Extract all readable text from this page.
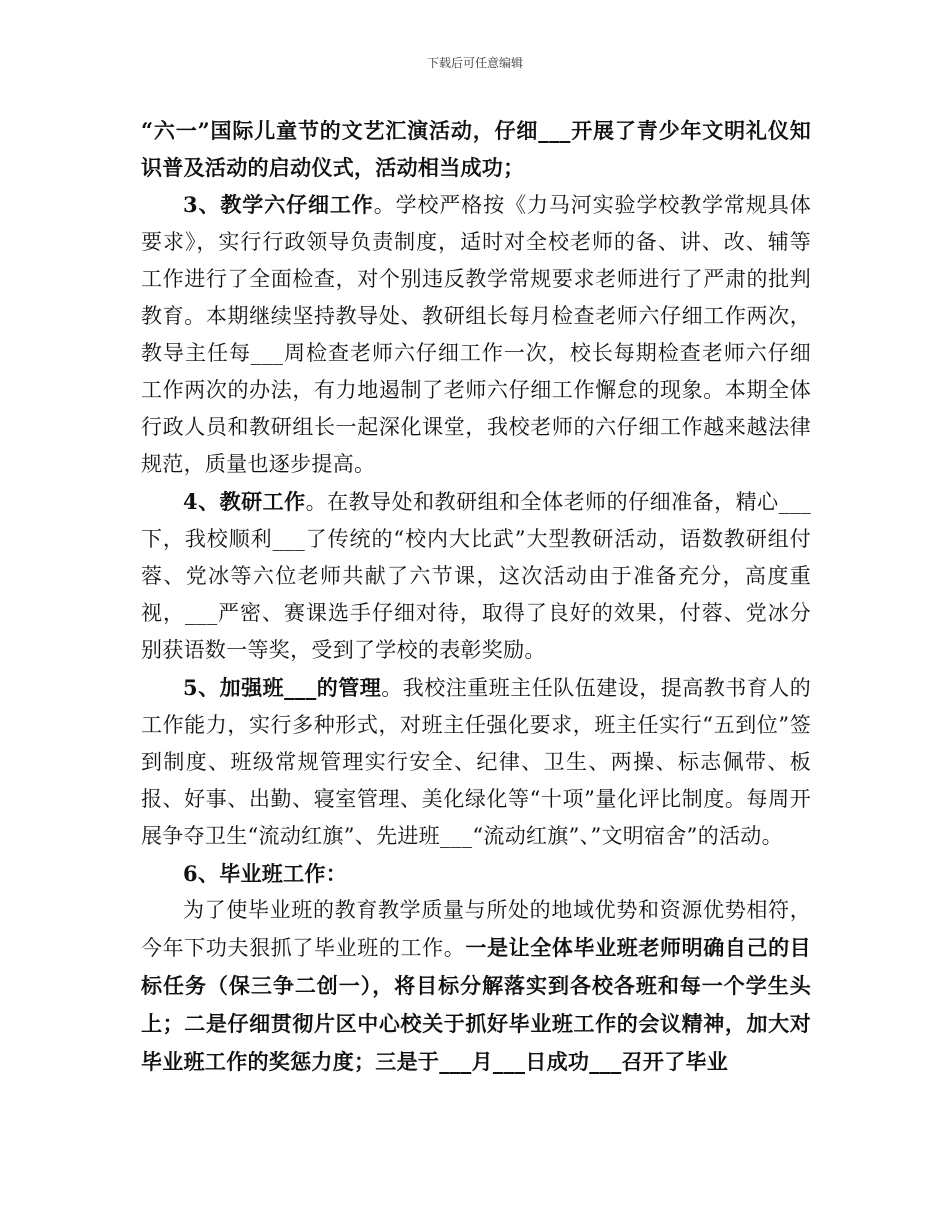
下载后可任意编辑

“六一”国际儿童节的文艺汇演活动，仔细___开展了青少年文明礼仪知识普及活动的启动仪式，活动相当成功；

3、教学六仔细工作。学校严格按《力马河实验学校教学常规具体要求》，实行行政领导负责制度，适时对全校老师的备、讲、改、辅等工作进行了全面检查，对个别违反教学常规要求老师进行了严肃的批判教育。本期继续坚持教导处、教研组长每月检查老师六仔细工作两次，教导主任每___周检查老师六仔细工作一次，校长每期检查老师六仔细工作两次的办法，有力地遏制了老师六仔细工作懈怠的现象。本期全体行政人员和教研组长一起深化课堂，我校老师的六仔细工作越来越法律规范，质量也逐步提高。

4、教研工作。在教导处和教研组和全体老师的仔细准备，精心___下，我校顺利___了传统的“校内大比武”大型教研活动，语数教研组付蓉、党冰等六位老师共献了六节课，这次活动由于准备充分，高度重视，___严密、赛课选手仔细对待，取得了良好的效果，付蓉、党冰分别获语数一等奖，受到了学校的表彰奖励。

5、加强班___的管理。我校注重班主任队伍建设，提高教书育人的工作能力，实行多种形式，对班主任强化要求，班主任实行“五到位”签到制度、班级常规管理实行安全、纪律、卫生、两操、标志佩带、板报、好事、出勤、寝室管理、美化绿化等“十项”量化评比制度。每周开展争夺卫生“流动红旗”、先进班___“流动红旗”、”文明宿舍”的活动。

6、毕业班工作：

为了使毕业班的教育教学质量与所处的地域优势和资源优势相符，今年下功夫狠抓了毕业班的工作。一是让全体毕业班老师明确自己的目标任务（保三争二创一），将目标分解落实到各校各班和每一个学生头上；二是仔细贯彻片区中心校关于抓好毕业班工作的会议精神，加大对毕业班工作的奖惩力度；三是于___月___日成功___召开了毕业
